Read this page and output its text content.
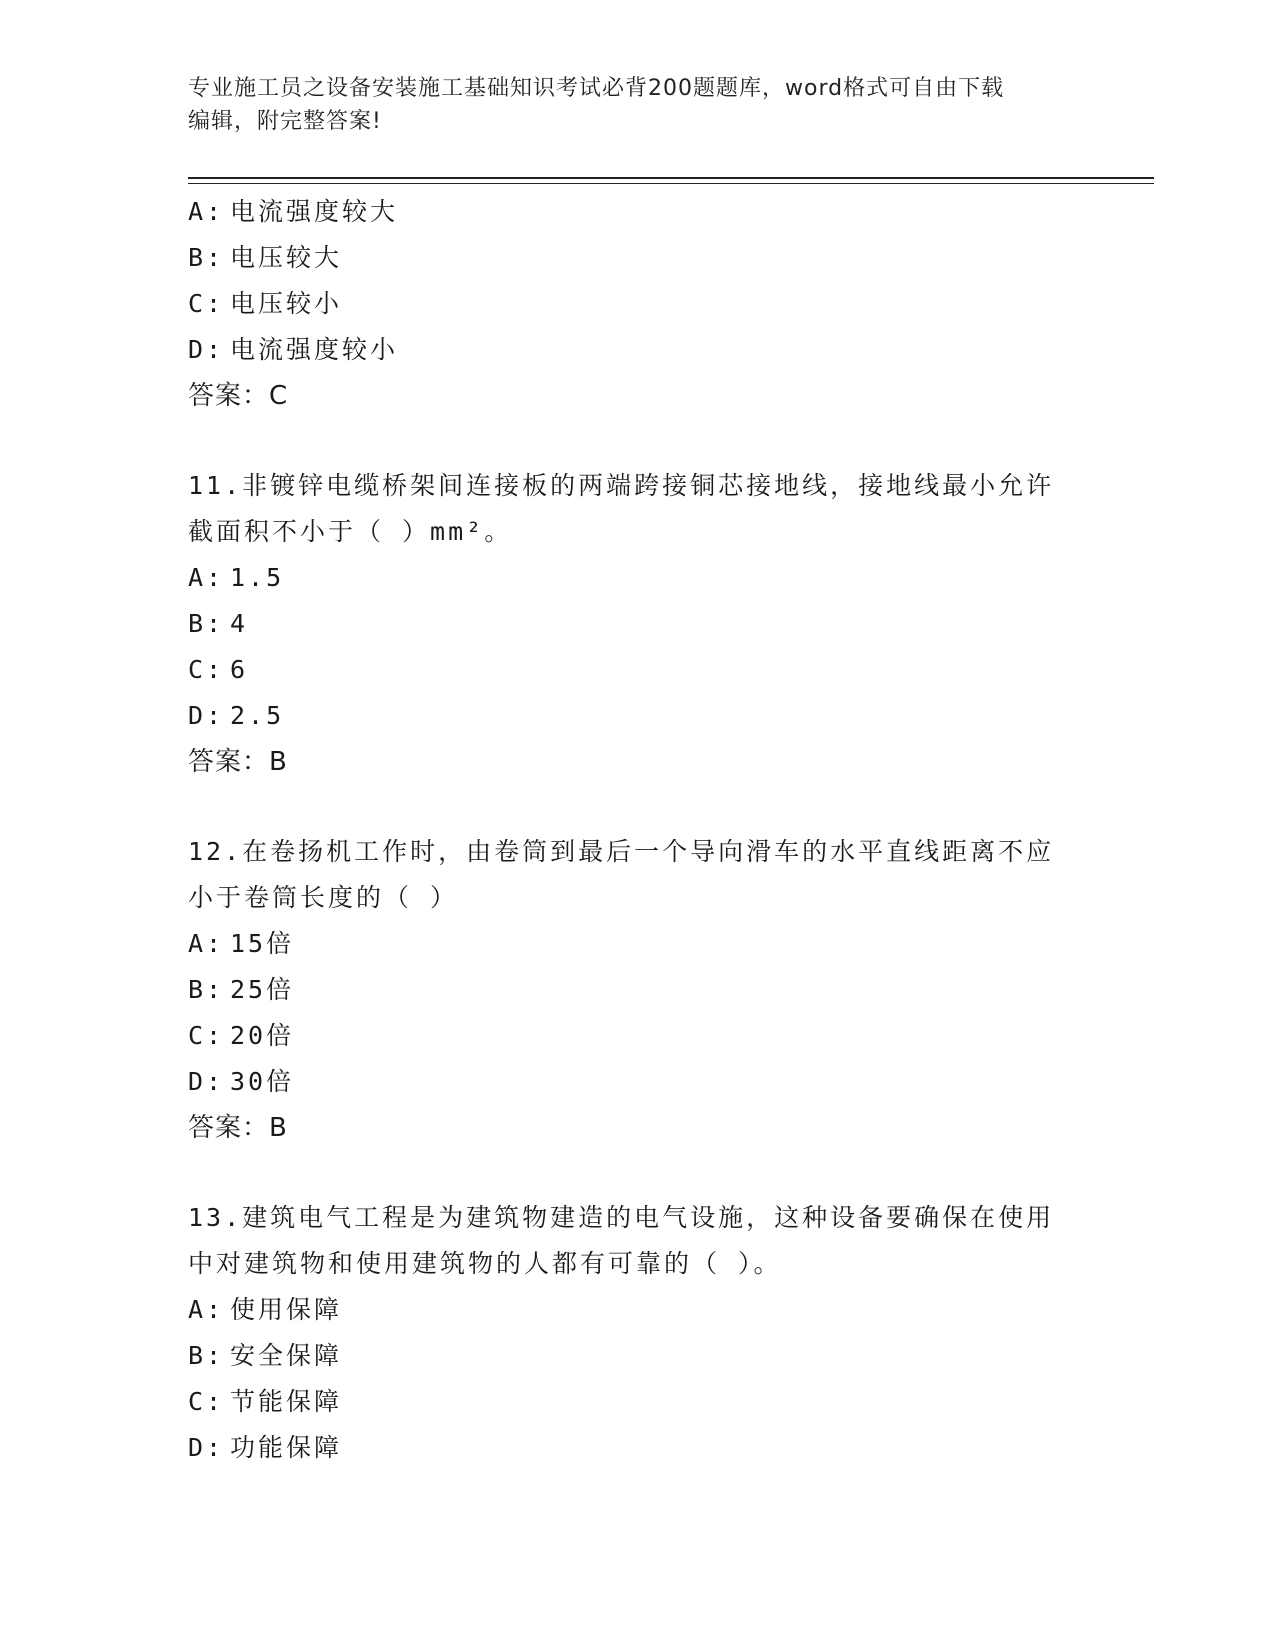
专业施工员之设备安装施工基础知识考试必背200题题库，word格式可自由下载
编辑，附完整答案!
A: 电流强度较大
B: 电压较大
C: 电压较小
D: 电流强度较小
答案：C
11.非镀锌电缆桥架间连接板的两端跨接铜芯接地线，接地线最小允许
截面积不小于（ ）mm²。
A: 1.5
B: 4
C: 6
D: 2.5
答案：B
12.在卷扬机工作时，由卷筒到最后一个导向滑车的水平直线距离不应
小于卷筒长度的（ ）
A: 15倍
B: 25倍
C: 20倍
D: 30倍
答案：B
13.建筑电气工程是为建筑物建造的电气设施，这种设备要确保在使用
中对建筑物和使用建筑物的人都有可靠的（ ）。
A: 使用保障
B: 安全保障
C: 节能保障
D: 功能保障
